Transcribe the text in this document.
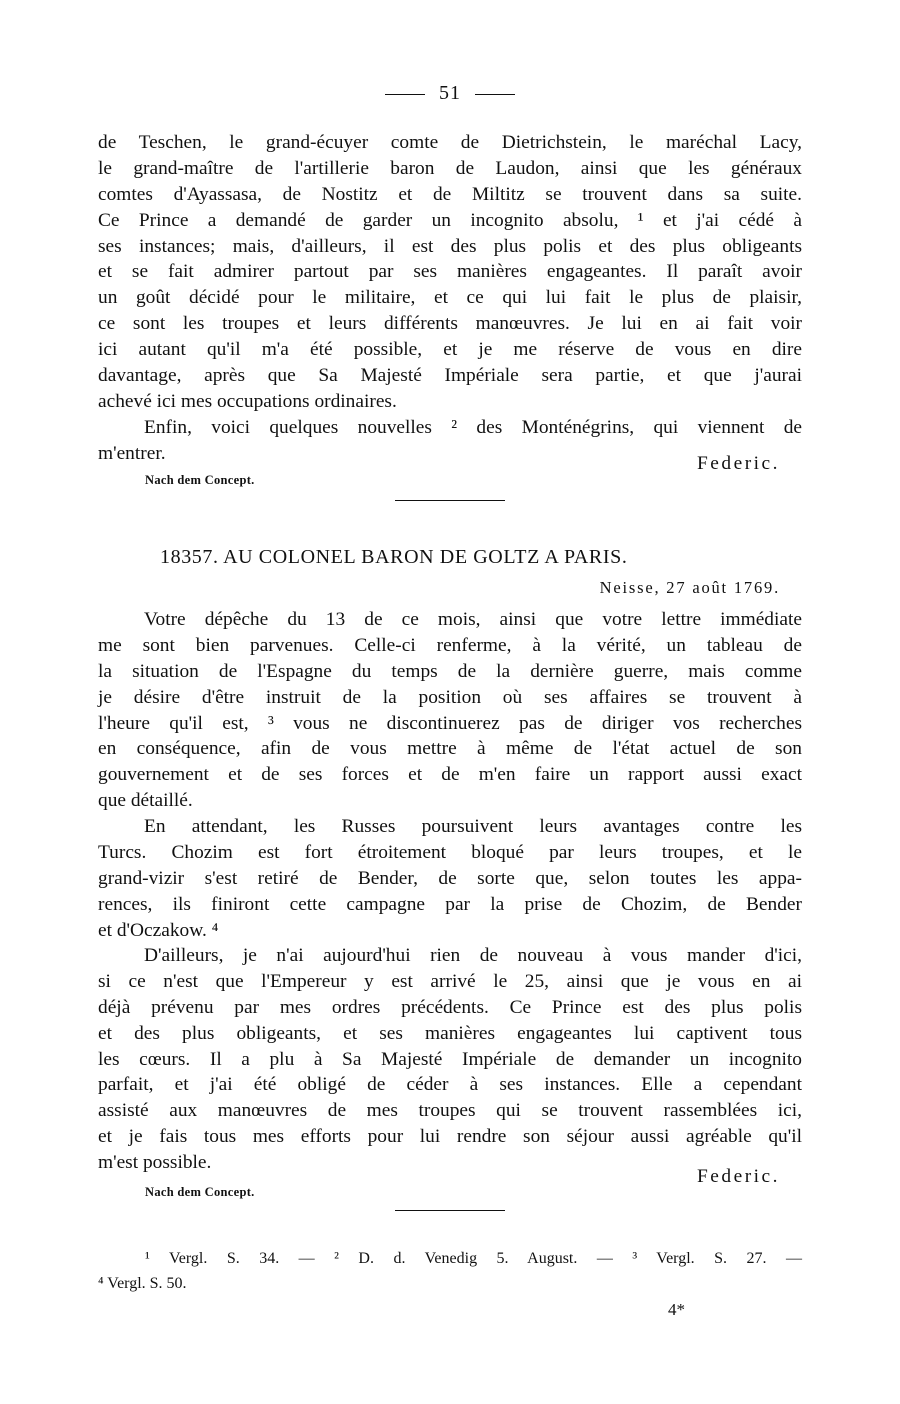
51
de Teschen, le grand-écuyer comte de Dietrichstein, le maréchal Lacy,
le grand-maître de l'artillerie baron de Laudon, ainsi que les généraux
comtes d'Ayassasa, de Nostitz et de Miltitz se trouvent dans sa suite.
Ce Prince a demandé de garder un incognito absolu, ¹ et j'ai cédé à
ses instances; mais, d'ailleurs, il est des plus polis et des plus obligeants
et se fait admirer partout par ses manières engageantes. Il paraît avoir
un goût décidé pour le militaire, et ce qui lui fait le plus de plaisir,
ce sont les troupes et leurs différents manœuvres. Je lui en ai fait voir
ici autant qu'il m'a été possible, et je me réserve de vous en dire
davantage, après que Sa Majesté Impériale sera partie, et que j'aurai
achevé ici mes occupations ordinaires.
Enfin, voici quelques nouvelles ² des Monténégrins, qui viennent de
m'entrer.	Federic.
Nach dem Concept.
18357. AU COLONEL BARON DE GOLTZ A PARIS.
Neisse, 27 août 1769.
Votre dépêche du 13 de ce mois, ainsi que votre lettre immédiate
me sont bien parvenues. Celle-ci renferme, à la vérité, un tableau de
la situation de l'Espagne du temps de la dernière guerre, mais comme
je désire d'être instruit de la position où ses affaires se trouvent à
l'heure qu'il est, ³ vous ne discontinuerez pas de diriger vos recherches
en conséquence, afin de vous mettre à même de l'état actuel de son
gouvernement et de ses forces et de m'en faire un rapport aussi exact
que détaillé.
En attendant, les Russes poursuivent leurs avantages contre les
Turcs. Chozim est fort étroitement bloqué par leurs troupes, et le
grand-vizir s'est retiré de Bender, de sorte que, selon toutes les appa-
rences, ils finiront cette campagne par la prise de Chozim, de Bender
et d'Oczakow. ⁴
D'ailleurs, je n'ai aujourd'hui rien de nouveau à vous mander d'ici,
si ce n'est que l'Empereur y est arrivé le 25, ainsi que je vous en ai
déjà prévenu par mes ordres précédents. Ce Prince est des plus polis
et des plus obligeants, et ses manières engageantes lui captivent tous
les cœurs. Il a plu à Sa Majesté Impériale de demander un incognito
parfait, et j'ai été obligé de céder à ses instances. Elle a cependant
assisté aux manœuvres de mes troupes qui se trouvent rassemblées ici,
et je fais tous mes efforts pour lui rendre son séjour aussi agréable qu'il
m'est possible.
Federic.
Nach dem Concept.
¹ Vergl. S. 34. — ² D. d. Venedig 5. August. — ³ Vergl. S. 27. —
⁴ Vergl. S. 50.
4*
